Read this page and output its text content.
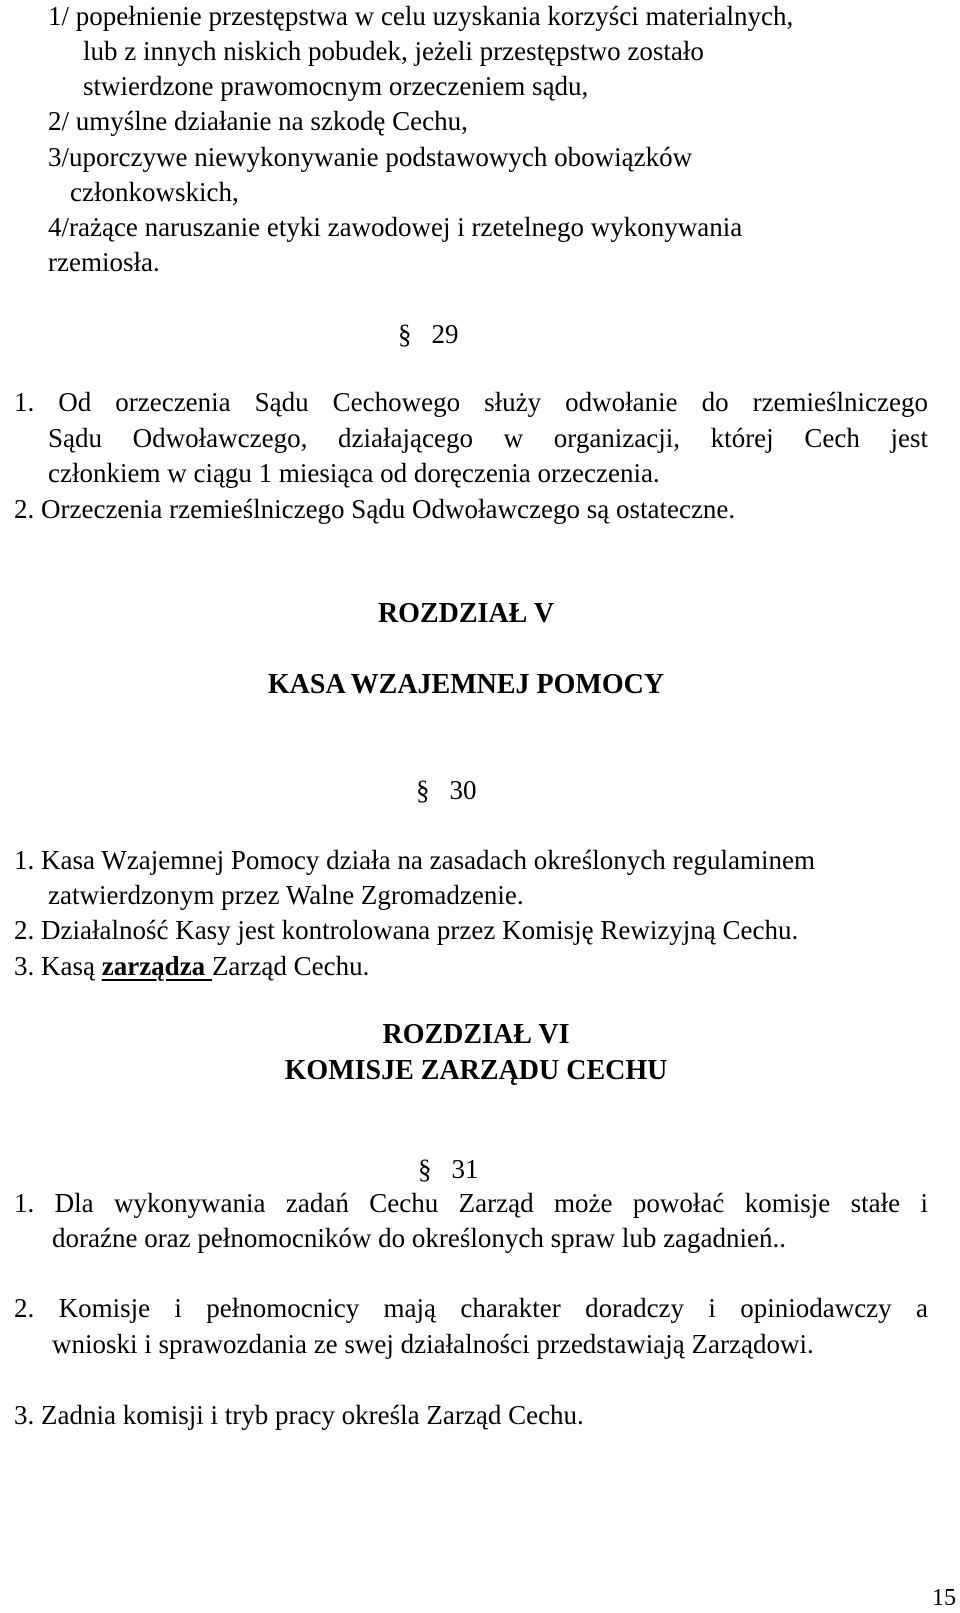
1/ popełnienie przestępstwa w celu uzyskania korzyści materialnych,
lub z innych niskich pobudek, jeżeli przestępstwo zostało
stwierdzone prawomocnym orzeczeniem sądu,
2/ umyślne działanie na szkodę Cechu,
3/uporczywe niewykonywanie podstawowych obowiązków
członkowskich,
4/rażące naruszanie etyki zawodowej i rzetelnego wykonywania
rzemiosła.
§ 29
1. Od orzeczenia Sądu Cechowego służy odwołanie do rzemieślniczego
Sądu Odwoławczego, działającego w organizacji, której Cech jest
członkiem w ciągu 1 miesiąca od doręczenia orzeczenia.
2. Orzeczenia rzemieślniczego Sądu Odwoławczego są ostateczne.
ROZDZIAŁ V
KASA WZAJEMNEJ POMOCY
§ 30
1. Kasa Wzajemnej Pomocy działa na zasadach określonych regulaminem
zatwierdzonym przez Walne Zgromadzenie.
2. Działalność Kasy jest kontrolowana przez Komisję Rewizyjną Cechu.
3. Kasą zarządza Zarząd Cechu.
ROZDZIAŁ VI
KOMISJE ZARZĄDU CECHU
§ 31
1. Dla wykonywania zadań Cechu Zarząd może powołać komisje stałe i
doraźne oraz pełnomocników do określonych spraw lub zagadnień..
2. Komisje i pełnomocnicy mają charakter doradczy i opiniodawczy a
wnioski i sprawozdania ze swej działalności przedstawiają Zarządowi.
3. Zadnia komisji i tryb pracy określa Zarząd Cechu.
15
